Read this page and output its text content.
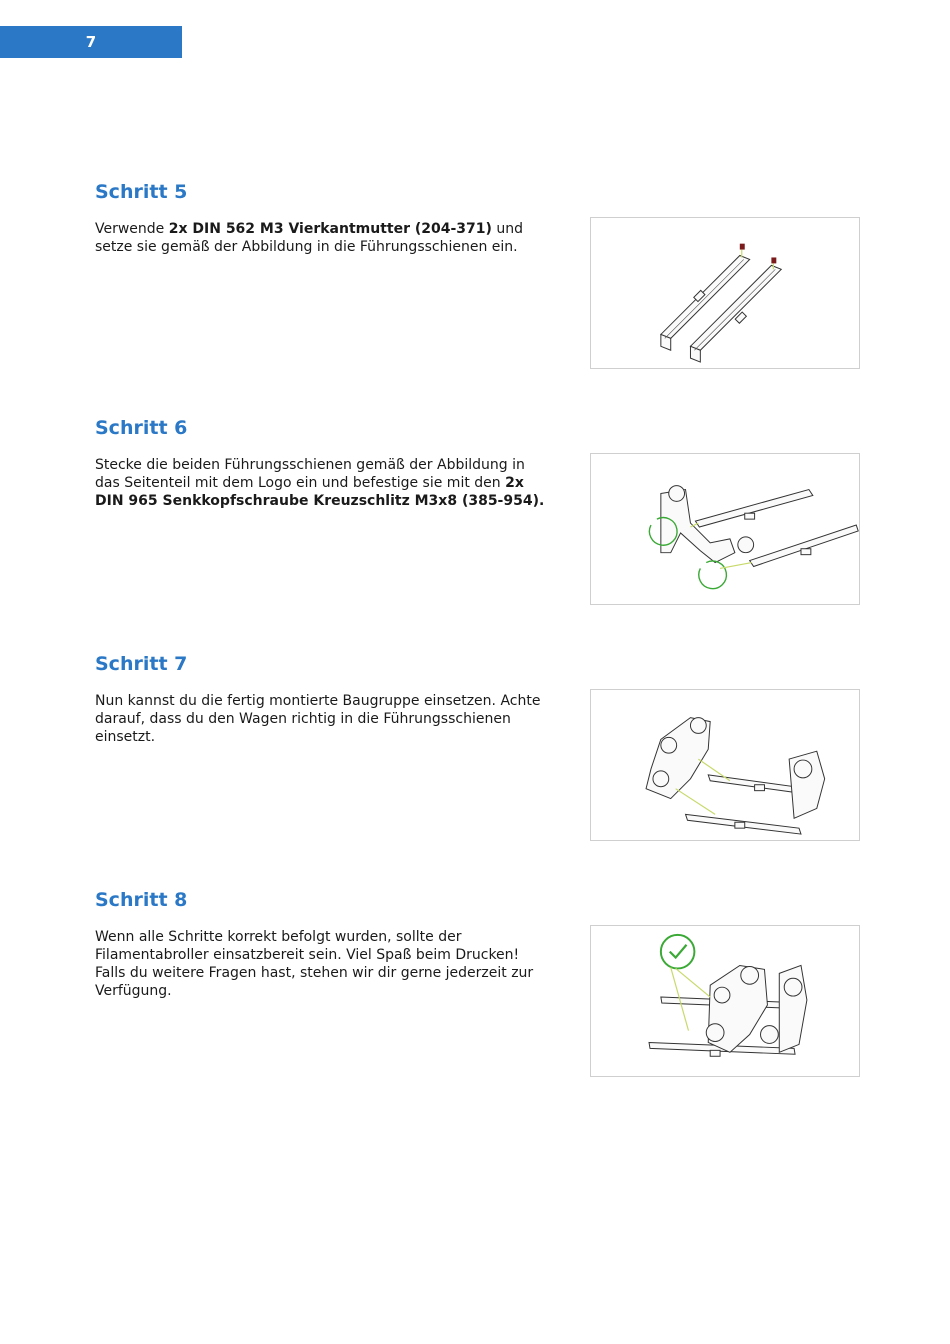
7
Schritt 5

Verwende 2x DIN 562 M3 Vierkantmutter (204-371) und setze sie gemäß der Abbildung in die Führungsschienen ein.

Schritt 6

Stecke die beiden Führungsschienen gemäß der Abbildung in das Seitenteil mit dem Logo ein und befestige sie mit den 2x DIN 965 Senkkopfschraube Kreuzschlitz M3x8 (385-954).

Schritt 7

Nun kannst du die fertig montierte Baugruppe einsetzen. Achte darauf, dass du den Wagen richtig in die Führungsschienen einsetzt.

Schritt 8

Wenn alle Schritte korrekt befolgt wurden, sollte der Filamentabroller einsatzbereit sein. Viel Spaß beim Drucken! Falls du weitere Fragen hast, stehen wir dir gerne jederzeit zur Verfügung.
